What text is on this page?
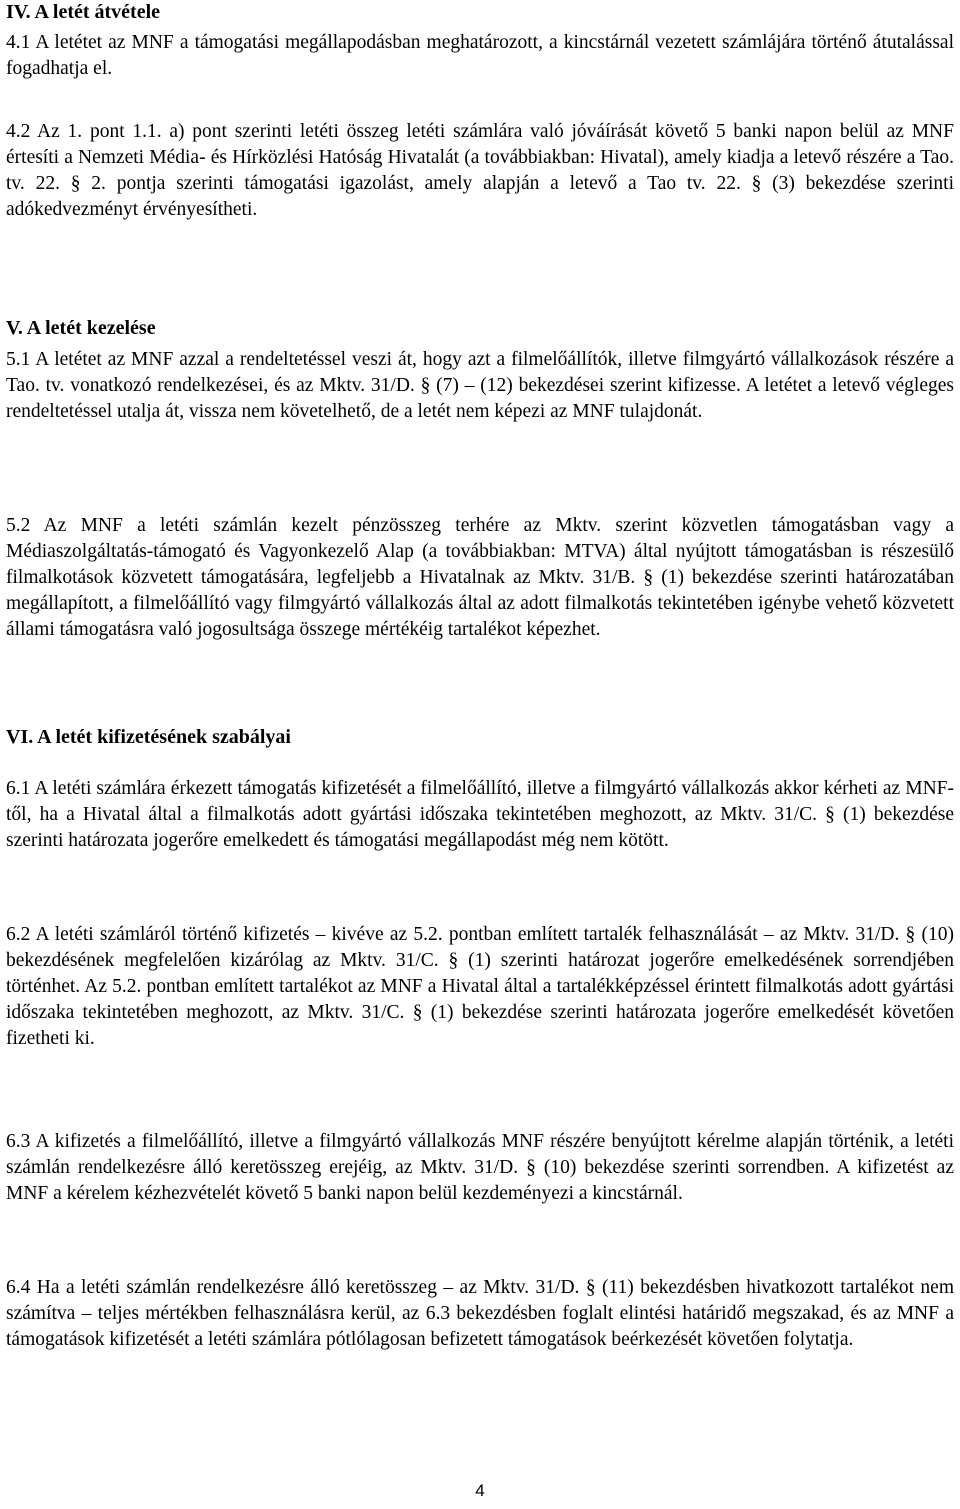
IV. A letét átvétele

4.1 A letétet az MNF a támogatási megállapodásban meghatározott, a kincstárnál vezetett számlájára történő átutalással fogadhatja el.

4.2 Az 1. pont 1.1. a) pont szerinti letéti összeg letéti számlára való jóváírását követő 5 banki napon belül az MNF értesíti a Nemzeti Média- és Hírközlési Hatóság Hivatalát (a továbbiakban: Hivatal), amely kiadja a letevő részére a Tao. tv. 22. § 2. pontja szerinti támogatási igazolást, amely alapján a letevő a Tao tv. 22. § (3) bekezdése szerinti adókedvezményt érvényesítheti.

V. A letét kezelése

5.1 A letétet az MNF azzal a rendeltetéssel veszi át, hogy azt a filmelőállítók, illetve filmgyártó vállalkozások részére a Tao. tv. vonatkozó rendelkezései, és az Mktv. 31/D. § (7) – (12) bekezdései szerint kifizesse. A letétet a letevő végleges rendeltetéssel utalja át, vissza nem követelhető, de a letét nem képezi az MNF tulajdonát.

5.2 Az MNF a letéti számlán kezelt pénzösszeg terhére az Mktv. szerint közvetlen támogatásban vagy a Médiaszolgáltatás-támogató és Vagyonkezelő Alap (a továbbiakban: MTVA) által nyújtott támogatásban is részesülő filmalkotások közvetett támogatására, legfeljebb a Hivatalnak az Mktv. 31/B. § (1) bekezdése szerinti határozatában megállapított, a filmelőállító vagy filmgyártó vállalkozás által az adott filmalkotás tekintetében igénybe vehető közvetett állami támogatásra való jogosultsága összege mértékéig tartalékot képezhet.

VI. A letét kifizetésének szabályai

6.1 A letéti számlára érkezett támogatás kifizetését a filmelőállító, illetve a filmgyártó vállalkozás akkor kérheti az MNF-től, ha a Hivatal által a filmalkotás adott gyártási időszaka tekintetében meghozott, az Mktv. 31/C. § (1) bekezdése szerinti határozata jogerőre emelkedett és támogatási megállapodást még nem kötött.

6.2 A letéti számláról történő kifizetés – kivéve az 5.2. pontban említett tartalék felhasználását – az Mktv. 31/D. § (10) bekezdésének megfelelően kizárólag az Mktv. 31/C. § (1) szerinti határozat jogerőre emelkedésének sorrendjében történhet. Az 5.2. pontban említett tartalékot az MNF a Hivatal által a tartalékképzéssel érintett filmalkotás adott gyártási időszaka tekintetében meghozott, az Mktv. 31/C. § (1) bekezdése szerinti határozata jogerőre emelkedését követően fizetheti ki.

6.3 A kifizetés a filmelőállító, illetve a filmgyártó vállalkozás MNF részére benyújtott kérelme alapján történik, a letéti számlán rendelkezésre álló keretösszeg erejéig, az Mktv. 31/D. § (10) bekezdése szerinti sorrendben. A kifizetést az MNF a kérelem kézhezvételét követő 5 banki napon belül kezdeményezi a kincstárnál.

6.4 Ha a letéti számlán rendelkezésre álló keretösszeg – az Mktv. 31/D. § (11) bekezdésben hivatkozott tartalékot nem számítva – teljes mértékben felhasználásra kerül, az 6.3 bekezdésben foglalt elintési határidő megszakad, és az MNF a támogatások kifizetését a letéti számlára pótlólagosan befizetett támogatások beérkezését követően folytatja.

4
